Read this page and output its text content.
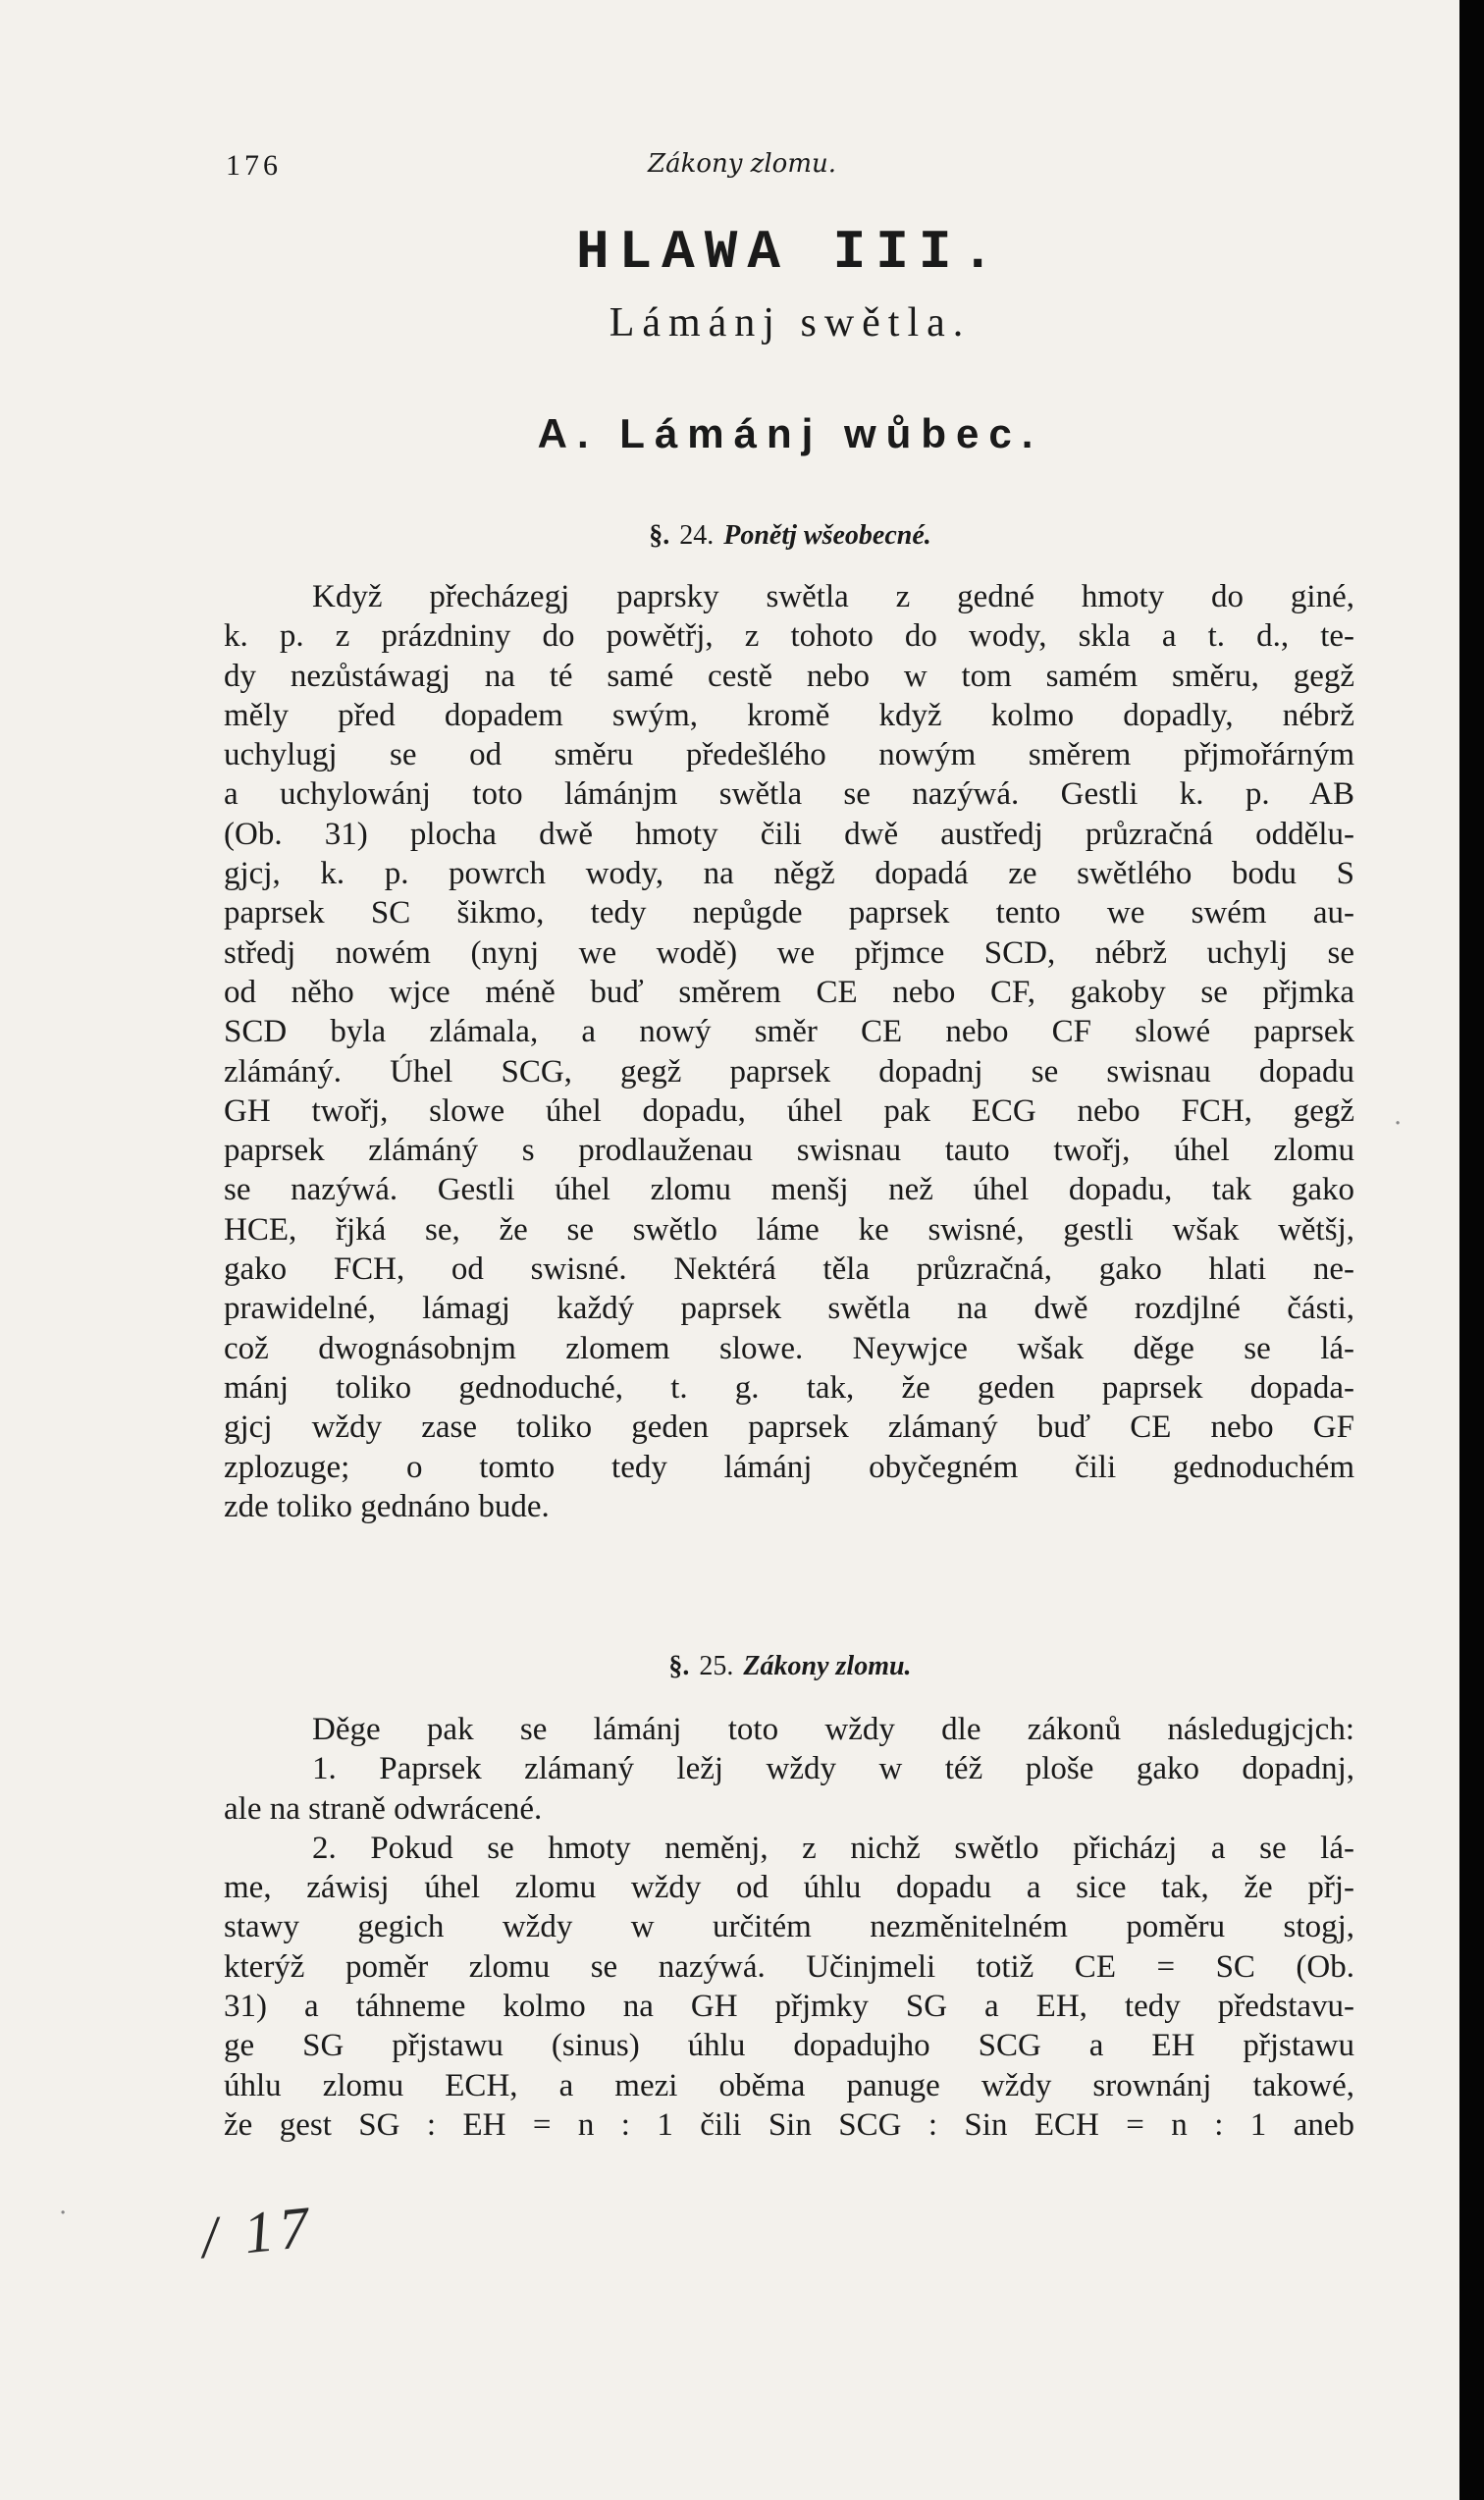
176	Zákony zlomu.
HLAWA III.
Lámánj swětla.
A. Lámánj wůbec.
§. 24. Ponětj wšeobecné.
Když přecházegj paprsky swětla z gedné hmoty do giné,
k. p. z prázdniny do powětřj, z tohoto do wody, skla a t. d., te-
dy nezůstáwagj na té samé cestě nebo w tom samém směru, gegž
měly před dopadem swým, kromě když kolmo dopadly, nébrž
uchylugj se od směru předešlého nowým směrem přjmořárným
a uchylowánj toto lámánjm swětla se nazýwá. Gestli k. p. AB
(Ob. 31) plocha dwě hmoty čili dwě austředj průzračná oddělu-
gjcj, k. p. powrch wody, na něgž dopadá ze swětlého bodu S
paprsek SC šikmo, tedy nepůgde paprsek tento we swém au-
středj nowém (nynj we wodě) we přjmce SCD, nébrž uchylj se
od něho wjce méně buď směrem CE nebo CF, gakoby se přjmka
SCD byla zlámala, a nowý směr CE nebo CF slowé paprsek
zlámáný. Úhel SCG, gegž paprsek dopadnj se swisnau dopadu
GH twořj, slowe úhel dopadu, úhel pak ECG nebo FCH, gegž
paprsek zlámáný s prodlauženau swisnau tauto twořj, úhel zlomu
se nazýwá. Gestli úhel zlomu menšj než úhel dopadu, tak gako
HCE, řjká se, že se swětlo láme ke swisné, gestli wšak wětšj,
gako FCH, od swisné. Nektérá těla průzračná, gako hlati ne-
prawidelné, lámagj každý paprsek swětla na dwě rozdjlné části,
což dwognásobnjm zlomem slowe. Neywjce wšak děge se lá-
mánj toliko gednoduché, t. g. tak, že geden paprsek dopada-
gjcj wždy zase toliko geden paprsek zlámaný buď CE nebo GF
zplozuge; o tomto tedy lámánj obyčegném čili gednoduchém
zde toliko gednáno bude.
§. 25. Zákony zlomu.
Děge pak se lámánj toto wždy dle zákonů následugjcjch:
1. Paprsek zlámaný ležj wždy w též ploše gako dopadnj,
ale na straně odwrácené.
2. Pokud se hmoty neměnj, z nichž swětlo přicházj a se lá-
me, záwisj úhel zlomu wždy od úhlu dopadu a sice tak, že přj-
stawy gegich wždy w určitém nezměnitelném poměru stogj,
kterýž poměr zlomu se nazýwá. Učinjmeli totiž CE = SC (Ob.
31) a táhneme kolmo na GH přjmky SG a EH, tedy představu-
ge SG přjstawu (sinus) úhlu dopadujho SCG a EH přjstawu
úhlu zlomu ECH, a mezi oběma panuge wždy srownánj takowé,
že gest SG : EH = n : 1 čili Sin SCG : Sin ECH = n : 1 aneb
/ 17
·
·
